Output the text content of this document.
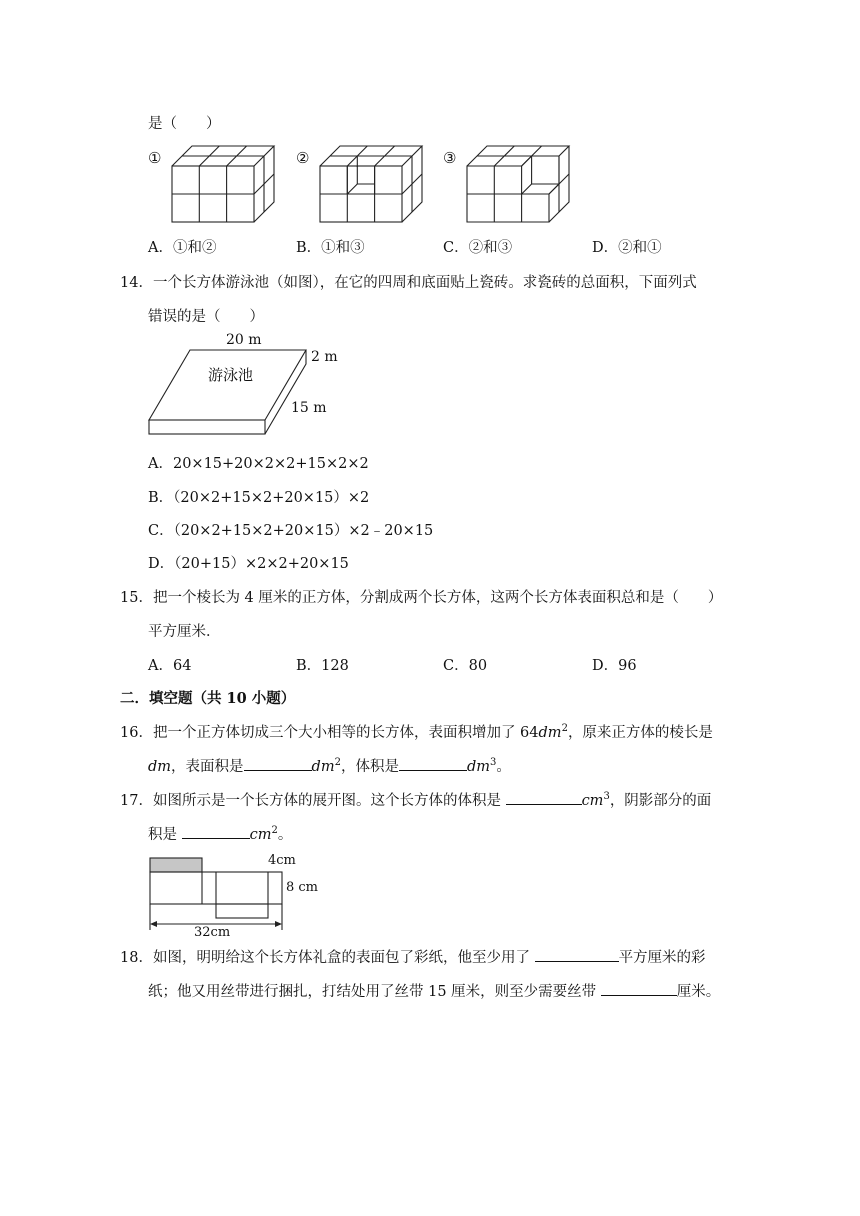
是（　　）
①	②	③
A．①和②	B．①和③	C．②和③	D．②和①
14．一个长方体游泳池（如图），在它的四周和底面贴上瓷砖。求瓷砖的总面积，下面列式
错误的是（　　）
20 m
2 m
15 m
游泳池
A．20×15+20×2×2+15×2×2
B．（20×2+15×2+20×15）×2
C．（20×2+15×2+20×15）×2﹣20×15
D．（20+15）×2×2+20×15
15．把一个棱长为 4 厘米的正方体，分割成两个长方体，这两个长方体表面积总和是（　　）
平方厘米．
A．64	B．128	C．80	D．96
二．填空题（共 10 小题）
16．把一个正方体切成三个大小相等的长方体，表面积增加了 $64dm^2$，原来正方体的棱长是
dm，表面积是	$dm^2$，体积是	$dm^3$。
17．如图所示是一个长方体的展开图。这个长方体的体积是	$cm^3$，阴影部分的面
积是	$cm^2$。
4cm
8 cm
32cm
18．如图，明明给这个长方体礼盒的表面包了彩纸，他至少用了	平方厘米的彩
纸；他又用丝带进行捆扎，打结处用了丝带 15 厘米，则至少需要丝带	厘米。
